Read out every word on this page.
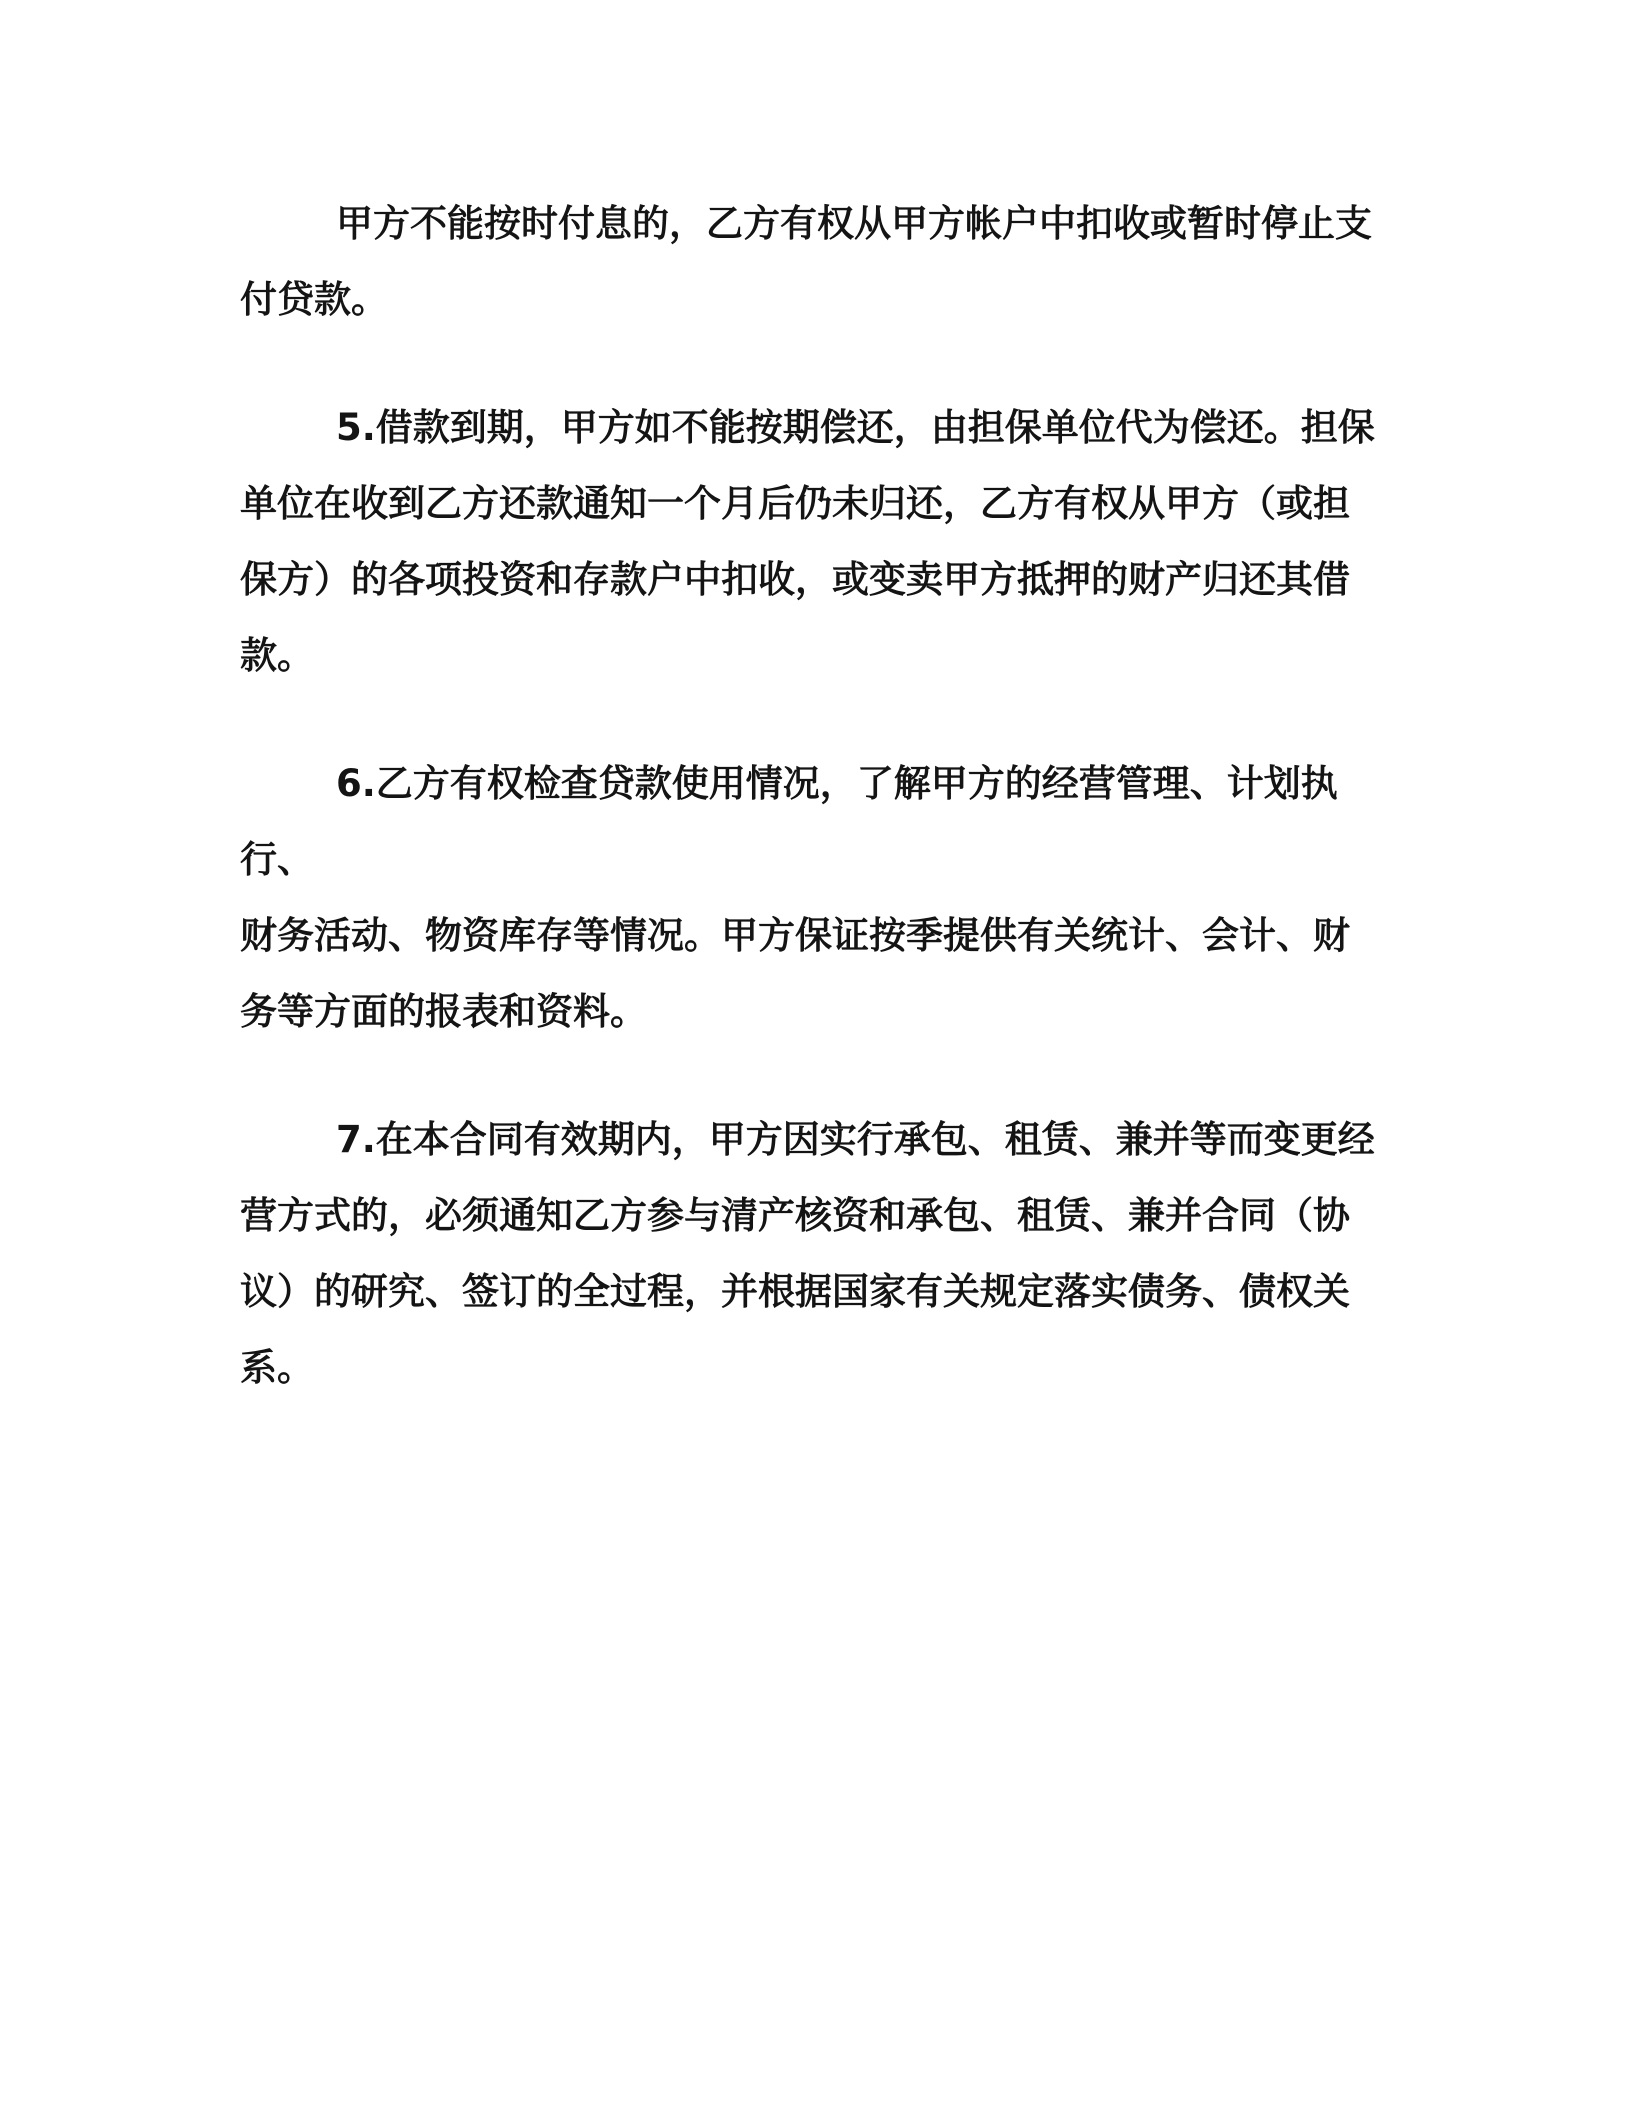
甲方不能按时付息的，乙方有权从甲方帐户中扣收或暂时停止支
付贷款。

5.借款到期，甲方如不能按期偿还，由担保单位代为偿还。担保
单位在收到乙方还款通知一个月后仍未归还，乙方有权从甲方（或担
保方）的各项投资和存款户中扣收，或变卖甲方抵押的财产归还其借
款。

6.乙方有权检查贷款使用情况，了解甲方的经营管理、计划执行、
财务活动、物资库存等情况。甲方保证按季提供有关统计、会计、财
务等方面的报表和资料。

7.在本合同有效期内，甲方因实行承包、租赁、兼并等而变更经
营方式的，必须通知乙方参与清产核资和承包、租赁、兼并合同（协
议）的研究、签订的全过程，并根据国家有关规定落实债务、债权关
系。
